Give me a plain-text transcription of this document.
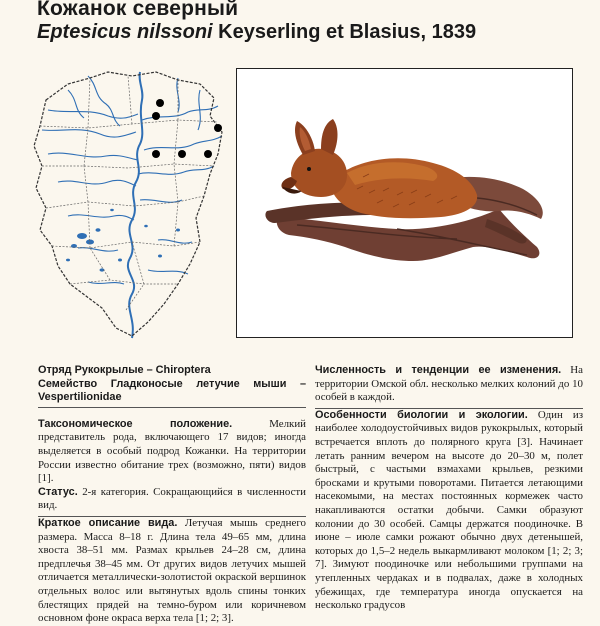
Кожанок северный
Eptesicus nilssoni Keyserling et Blasius, 1839

Отряд Рукокрылые – Chiroptera

Семейство Гладконосые летучие мыши – Vespertilionidae

Таксономическое положение. Мелкий представитель рода, включающего 17 видов; иногда выделяется в особый подрод Кожанки. На территории России известно обитание трех (возможно, пяти) видов [1].

Статус. 2-я категория. Сокращающийся в численности вид.

Краткое описание вида. Летучая мышь среднего размера. Масса 8–18 г. Длина тела 49–65 мм, длина хвоста 38–51 мм. Размах крыльев 24–28 см, длина предплечья 38–45 мм. От других видов летучих мышей отличается металлически-золотистой окраской вершинок отдельных волос или вытянутых вдоль спины тонких блестящих прядей на темно-буром или коричневом основном фоне окраса верха тела [1; 2; 3].

Численность и тенденции ее изменения. На территории Омской обл. несколько мелких колоний до 10 особей в каждой.

Особенности биологии и экологии. Один из наиболее холодоустойчивых видов рукокрылых, который встречается вплоть до полярного круга [3]. Начинает летать ранним вечером на высоте до 20–30 м, полет быстрый, с частыми взмахами крыльев, резкими бросками и крутыми поворотами. Питается летающими насекомыми, на местах постоянных кормежек часто накапливаются остатки добычи. Самки образуют колонии до 30 особей. Самцы держатся поодиночке. В июне – июле самки рожают обычно двух детенышей, которых до 1,5–2 недель выкармливают молоком [1; 2; 3; 7]. Зимуют поодиночке или небольшими группами на утепленных чердаках и в подвалах, даже в холодных убежищах, где температура иногда опускается на несколько градусов
